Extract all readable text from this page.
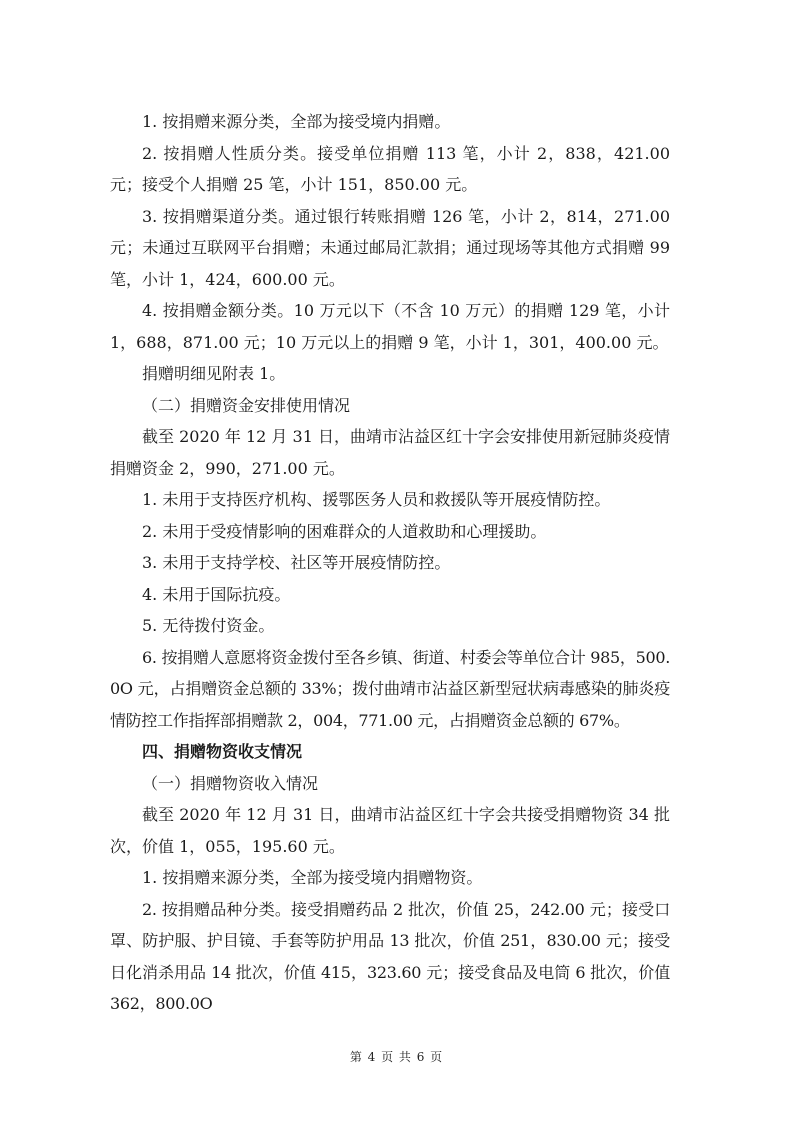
1. 按捐赠来源分类，全部为接受境内捐赠。

2. 按捐赠人性质分类。接受单位捐赠 113 笔，小计 2，838，421.00 元；接受个人捐赠 25 笔，小计 151，850.00 元。

3. 按捐赠渠道分类。通过银行转账捐赠 126 笔，小计 2，814，271.00 元；未通过互联网平台捐赠；未通过邮局汇款捐；通过现场等其他方式捐赠 99 笔，小计 1，424，600.00 元。

4. 按捐赠金额分类。10 万元以下（不含 10 万元）的捐赠 129 笔，小计 1，688，871.00 元；10 万元以上的捐赠 9 笔，小计 1，301，400.00 元。

捐赠明细见附表 1。

（二）捐赠资金安排使用情况

截至 2020 年 12 月 31 日，曲靖市沾益区红十字会安排使用新冠肺炎疫情捐赠资金 2，990，271.00 元。

1. 未用于支持医疗机构、援鄂医务人员和救援队等开展疫情防控。

2. 未用于受疫情影响的困难群众的人道救助和心理援助。

3. 未用于支持学校、社区等开展疫情防控。

4. 未用于国际抗疫。

5. 无待拨付资金。

6. 按捐赠人意愿将资金拨付至各乡镇、街道、村委会等单位合计 985，500.0O 元，占捐赠资金总额的 33%；拨付曲靖市沾益区新型冠状病毒感染的肺炎疫情防控工作指挥部捐赠款 2，004，771.00 元，占捐赠资金总额的 67%。

四、捐赠物资收支情况

（一）捐赠物资收入情况

截至 2020 年 12 月 31 日，曲靖市沾益区红十字会共接受捐赠物资 34 批次，价值 1，055，195.60 元。

1. 按捐赠来源分类，全部为接受境内捐赠物资。

2. 按捐赠品种分类。接受捐赠药品 2 批次，价值 25，242.00 元；接受口罩、防护服、护目镜、手套等防护用品 13 批次，价值 251，830.00 元；接受日化消杀用品 14 批次，价值 415，323.60 元；接受食品及电筒 6 批次，价值 362，800.0O

第 4 页 共 6 页
